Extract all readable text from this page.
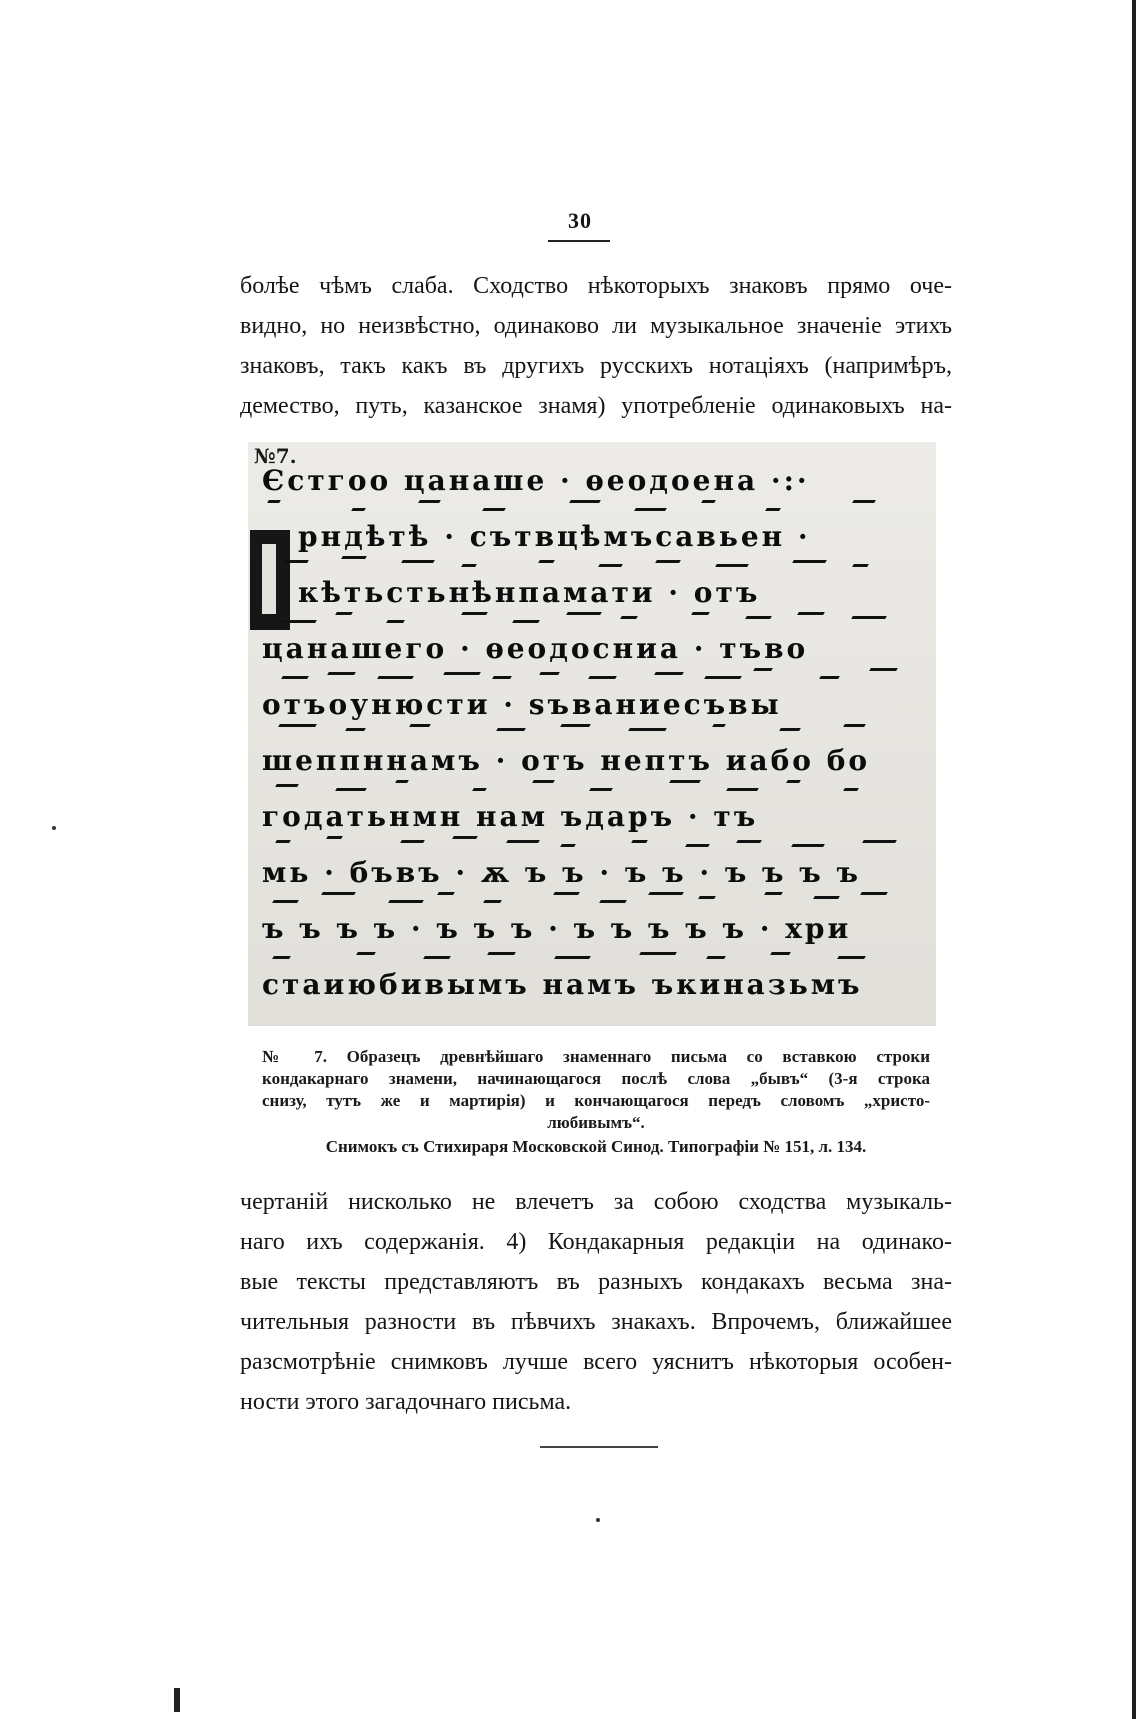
30
болѣе чѣмъ слаба. Сходство нѣкоторыхъ знаковъ прямо оче-
видно, но неизвѣстно, одинаково ли музыкальное значеніе этихъ
знаковъ, такъ какъ въ другихъ русскихъ нотаціяхъ (напримѣръ,
демество, путь, казанское знамя) употребленіе одинаковыхъ на-
№7.
Єстгоо цанаше · ѳеодоена ·:·
рндѣтѣ · сътвцѣмъсавьен ·
кѣтьстьнѣнпамати · отъ
цанашего · ѳеодосниа · тъво
отъоунюсти · ѕъваниесъвы
шеппннамъ · отъ нептъ иабо бо
годатьнмн нам ъдаръ · тъ
мь · бъвъ · ѫ ъ ъ · ъ ъ · ъ ъ ъ ъ
ъ ъ ъ ъ · ъ ъ ъ · ъ ъ ъ ъ ъ · хри
стаиюбивымъ намъ ъкиназьмъ
№ 7. Образецъ древнѣйшаго знаменнаго письма со вставкою строки
кондакарнаго знамени, начинающагося послѣ слова „бывъ“ (3-я строка
снизу, тутъ же и мартирія) и кончающагося передъ словомъ „христо-
любивымъ“.
Снимокъ съ Стихираря Московской Синод. Типографіи № 151, л. 134.
чертаній нисколько не влечетъ за собою сходства музыкаль-
наго ихъ содержанія. 4) Кондакарныя редакціи на одинако-
вые тексты представляютъ въ разныхъ кондакахъ весьма зна-
чительныя разности въ пѣвчихъ знакахъ. Впрочемъ, ближайшее
разсмотрѣніе снимковъ лучше всего уяснитъ нѣкоторыя особен-
ности этого загадочнаго письма.
